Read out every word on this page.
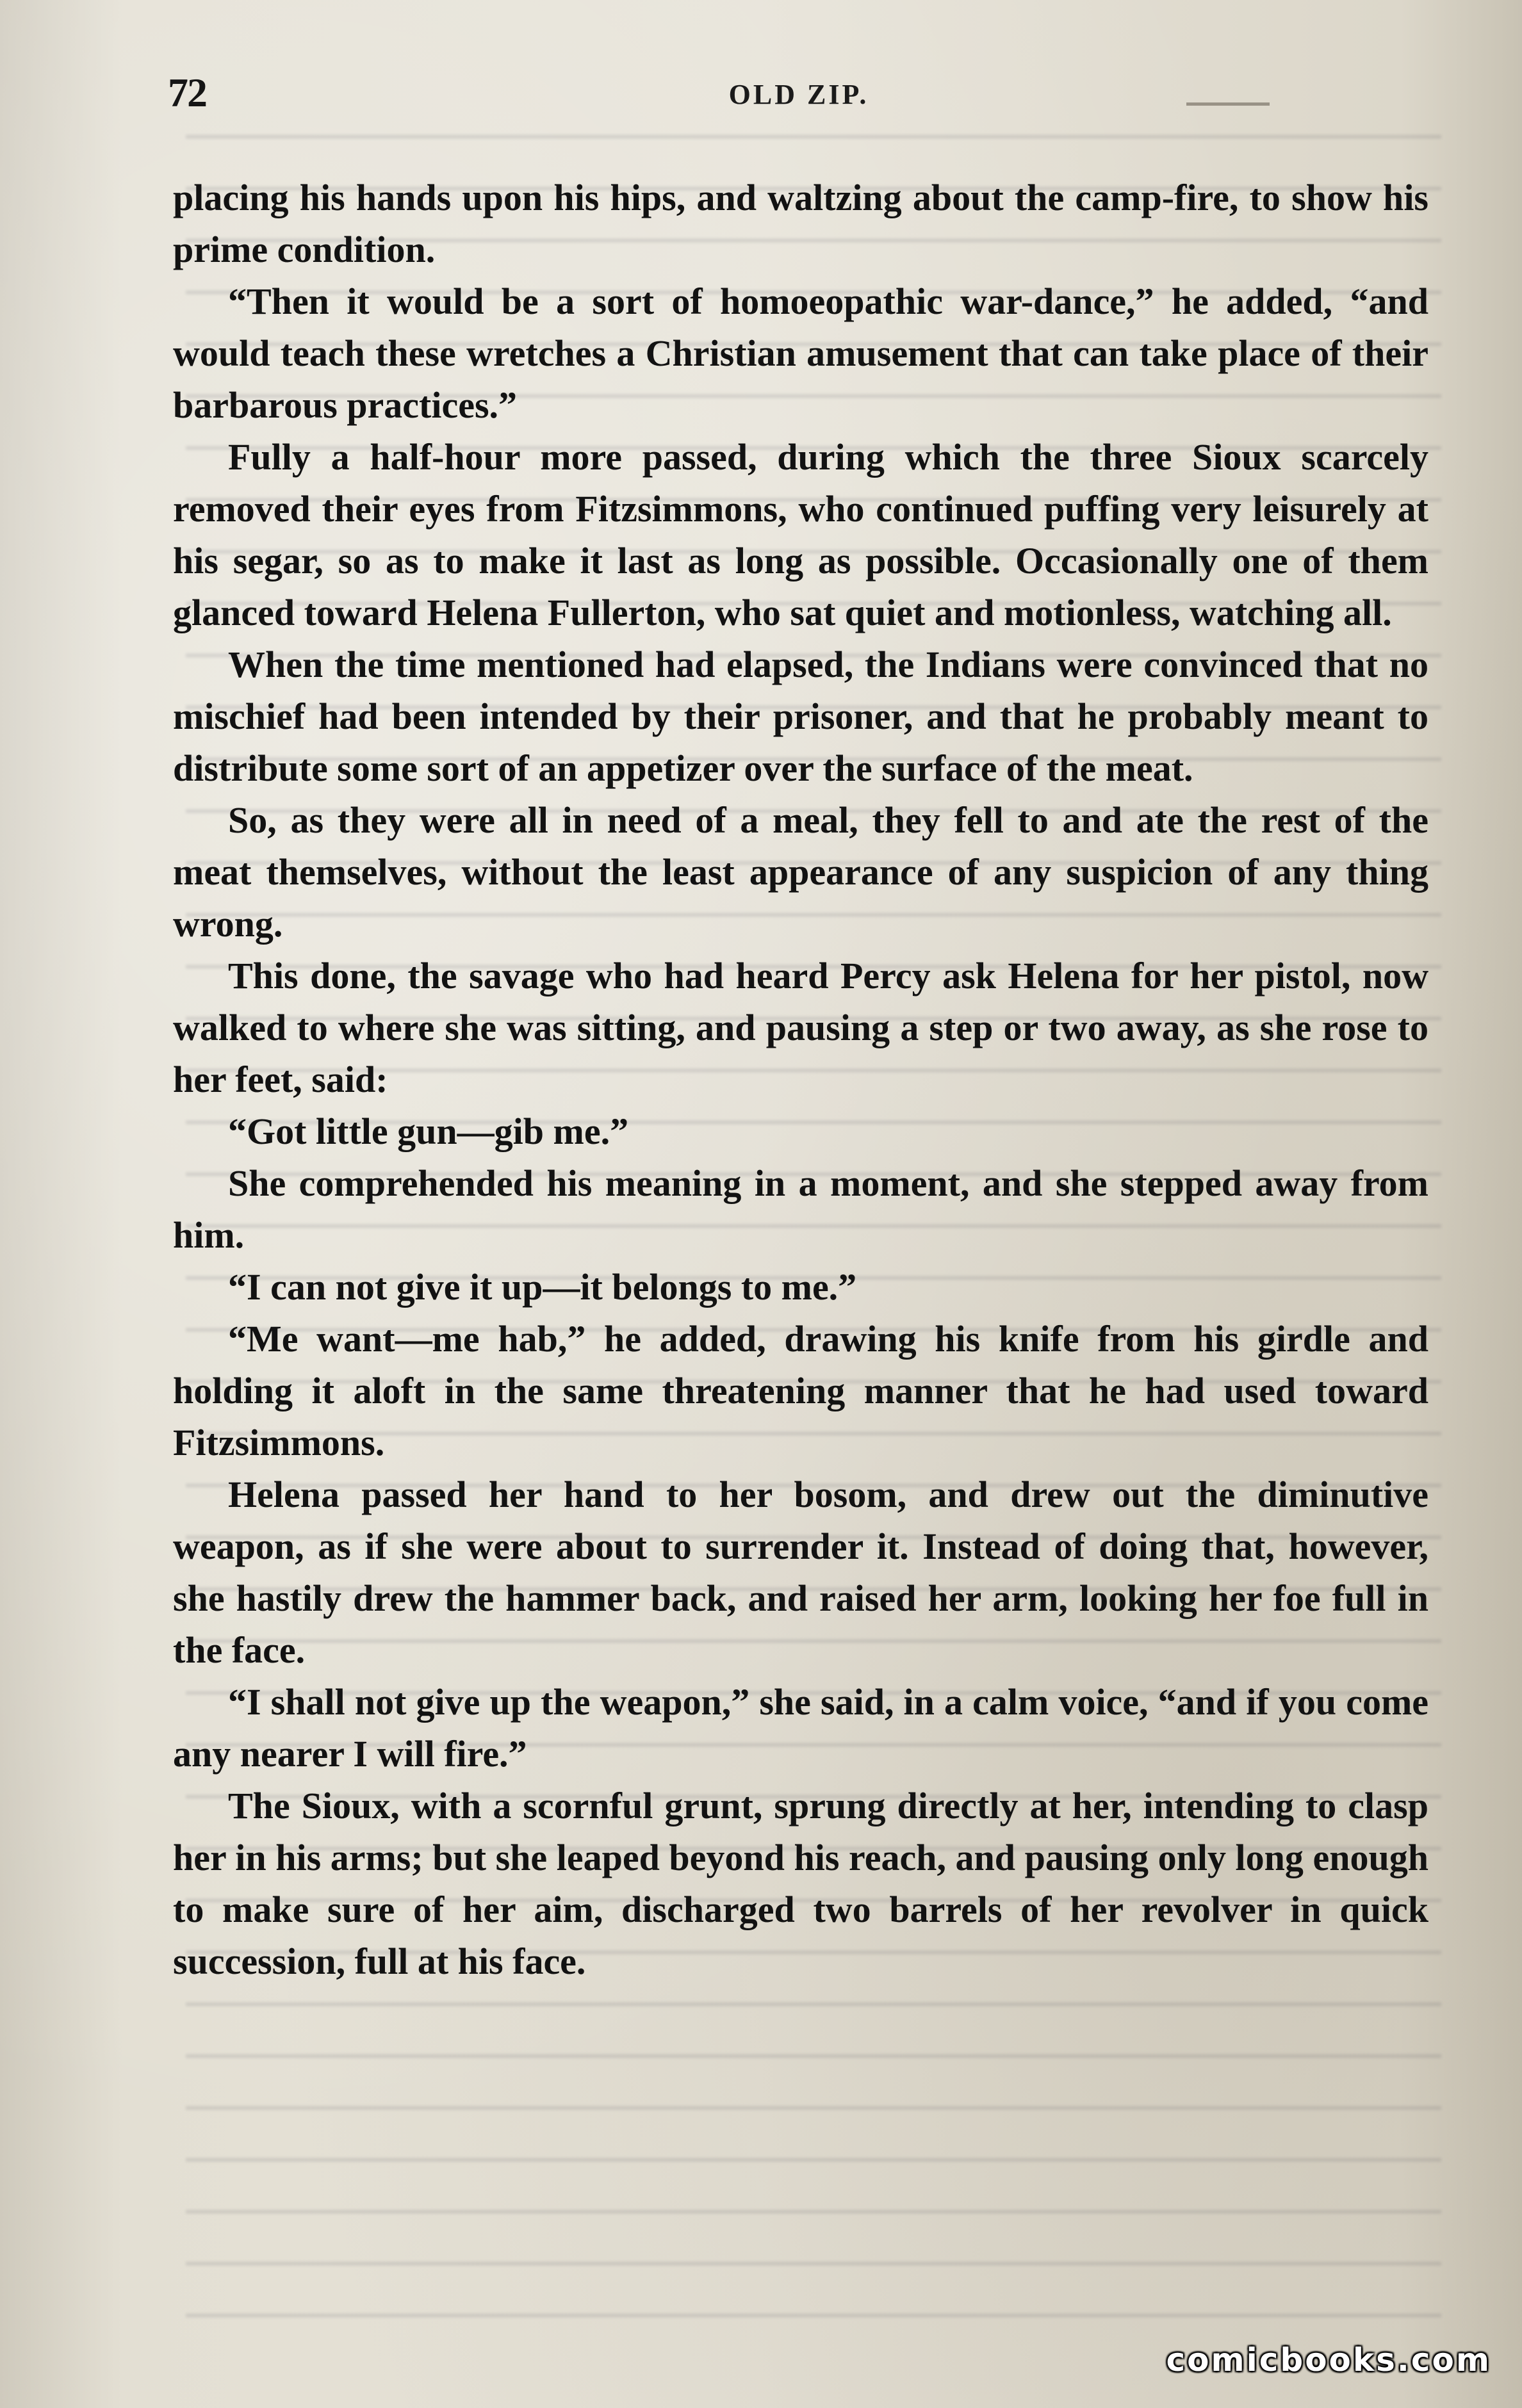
72	OLD ZIP.

placing his hands upon his hips, and waltzing about the camp-fire, to show his prime condition.

“Then it would be a sort of homoeopathic war-dance,” he added, “and would teach these wretches a Christian amusement that can take place of their barbarous practices.”

Fully a half-hour more passed, during which the three Sioux scarcely removed their eyes from Fitzsimmons, who continued puffing very leisurely at his segar, so as to make it last as long as possible. Occasionally one of them glanced toward Helena Fullerton, who sat quiet and motionless, watching all.

When the time mentioned had elapsed, the Indians were convinced that no mischief had been intended by their prisoner, and that he probably meant to distribute some sort of an appetizer over the surface of the meat.

So, as they were all in need of a meal, they fell to and ate the rest of the meat themselves, without the least appearance of any suspicion of any thing wrong.

This done, the savage who had heard Percy ask Helena for her pistol, now walked to where she was sitting, and pausing a step or two away, as she rose to her feet, said:

“Got little gun—gib me.”

She comprehended his meaning in a moment, and she stepped away from him.

“I can not give it up—it belongs to me.”

“Me want—me hab,” he added, drawing his knife from his girdle and holding it aloft in the same threatening manner that he had used toward Fitzsimmons.

Helena passed her hand to her bosom, and drew out the diminutive weapon, as if she were about to surrender it. Instead of doing that, however, she hastily drew the hammer back, and raised her arm, looking her foe full in the face.

“I shall not give up the weapon,” she said, in a calm voice, “and if you come any nearer I will fire.”

The Sioux, with a scornful grunt, sprung directly at her, intending to clasp her in his arms; but she leaped beyond his reach, and pausing only long enough to make sure of her aim, discharged two barrels of her revolver in quick succession, full at his face.

comicbooks.com
